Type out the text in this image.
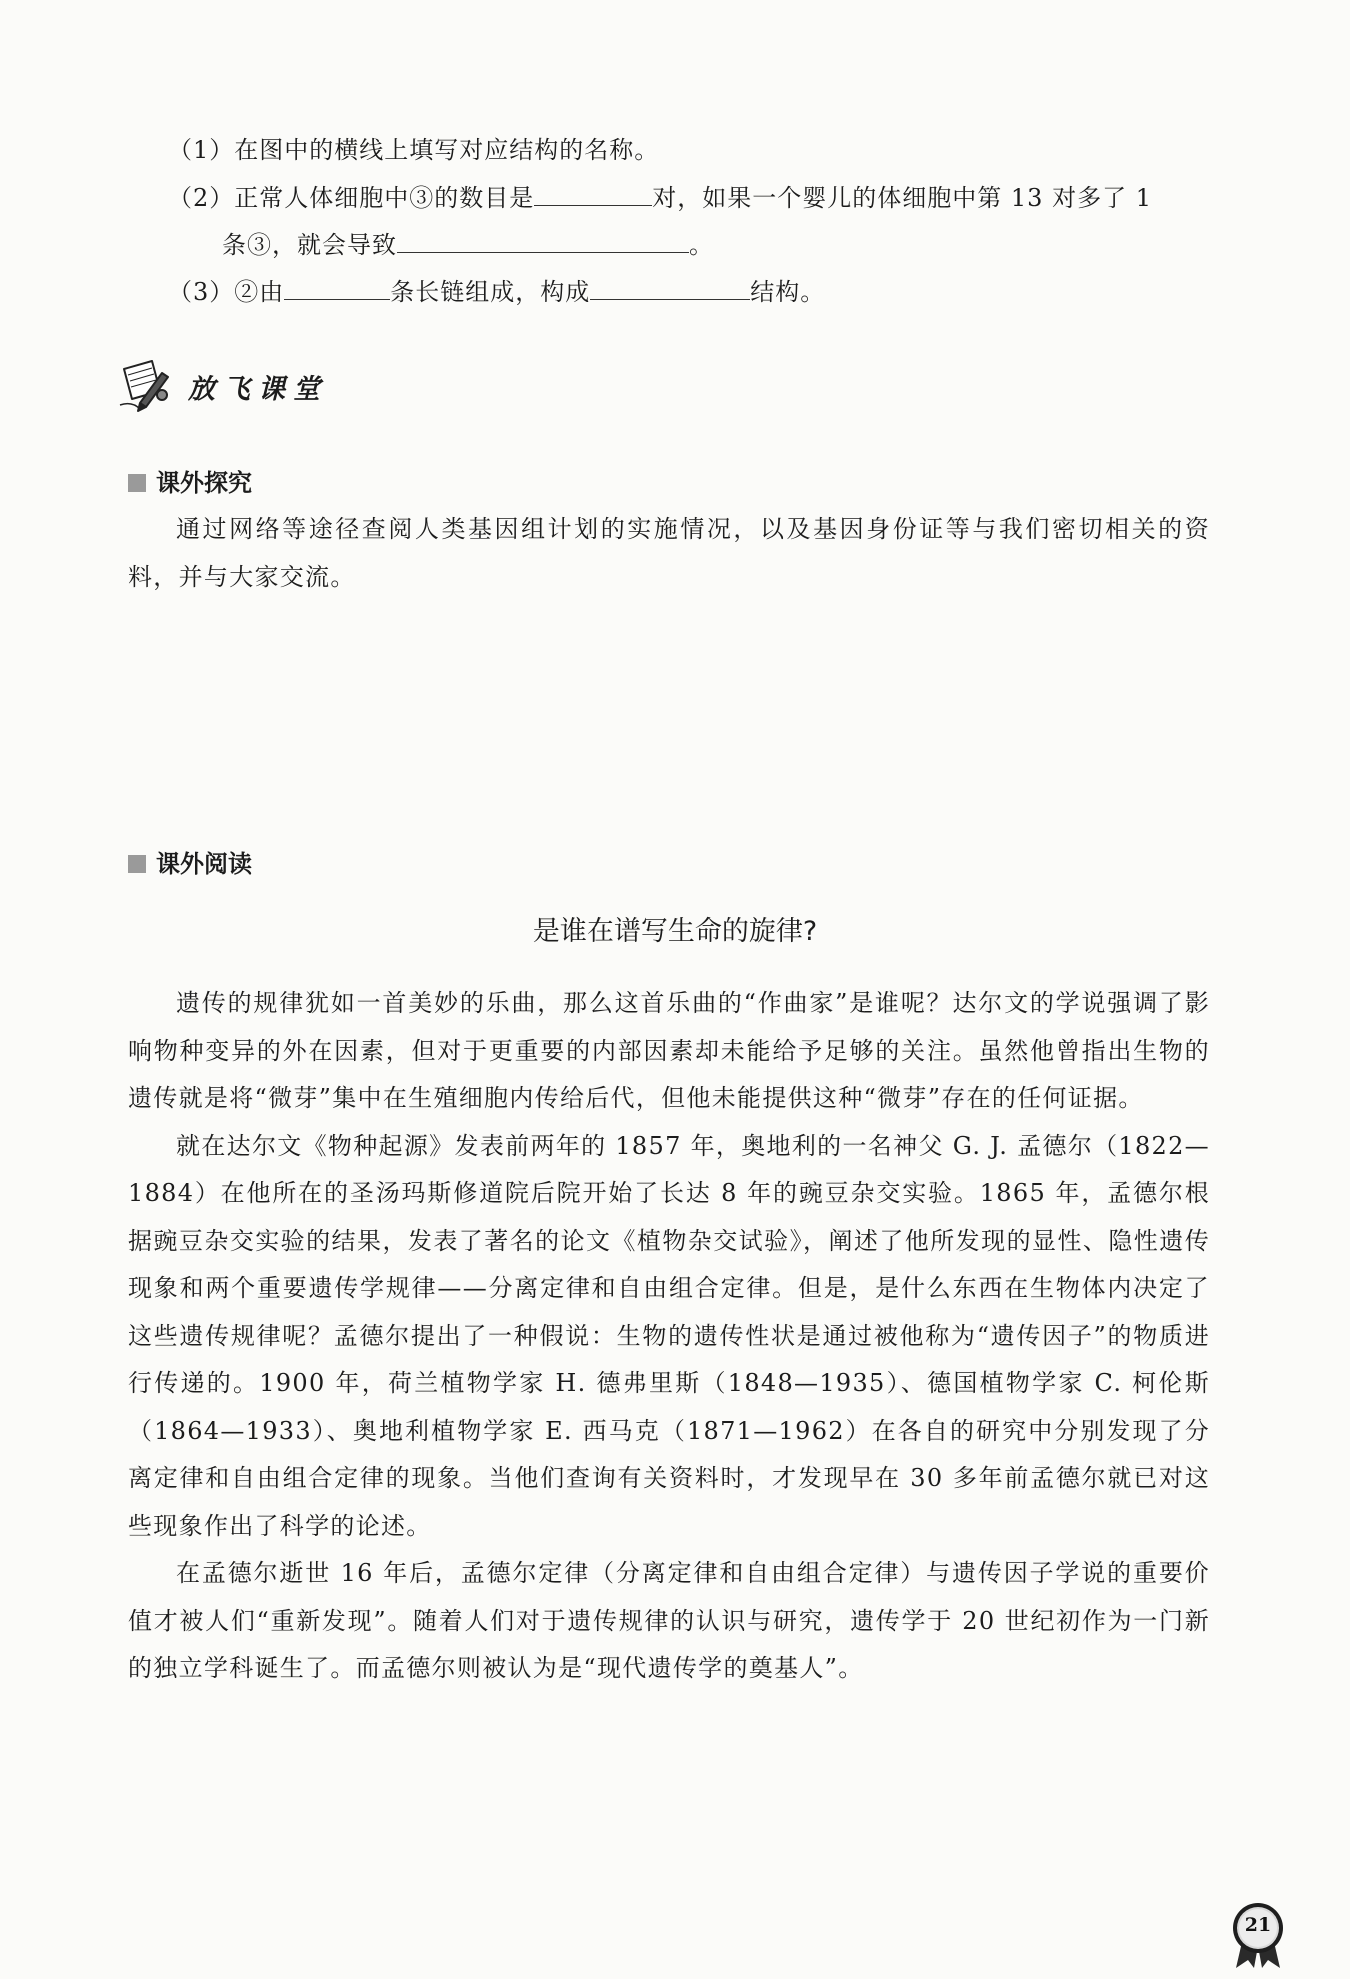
（1）在图中的横线上填写对应结构的名称。
（2）正常人体细胞中③的数目是	对，如果一个婴儿的体细胞中第 13 对多了 1
条③，就会导致	。
（3）②由	条长链组成，构成	结构。
放飞课堂
课外探究

通过网络等途径查阅人类基因组计划的实施情况，以及基因身份证等与我们密切相关的资料，并与大家交流。

课外阅读
是谁在谱写生命的旋律?

遗传的规律犹如一首美妙的乐曲，那么这首乐曲的“作曲家”是谁呢？达尔文的学说强调了影响物种变异的外在因素，但对于更重要的内部因素却未能给予足够的关注。虽然他曾指出生物的遗传就是将“微芽”集中在生殖细胞内传给后代，但他未能提供这种“微芽”存在的任何证据。

就在达尔文《物种起源》发表前两年的 1857 年，奥地利的一名神父 G. J. 孟德尔（1822—1884）在他所在的圣汤玛斯修道院后院开始了长达 8 年的豌豆杂交实验。1865 年，孟德尔根据豌豆杂交实验的结果，发表了著名的论文《植物杂交试验》，阐述了他所发现的显性、隐性遗传现象和两个重要遗传学规律——分离定律和自由组合定律。但是，是什么东西在生物体内决定了这些遗传规律呢？孟德尔提出了一种假说：生物的遗传性状是通过被他称为“遗传因子”的物质进行传递的。1900 年，荷兰植物学家 H. 德弗里斯（1848—1935）、德国植物学家 C. 柯伦斯（1864—1933）、奥地利植物学家 E. 西马克（1871—1962）在各自的研究中分别发现了分离定律和自由组合定律的现象。当他们查询有关资料时，才发现早在 30 多年前孟德尔就已对这些现象作出了科学的论述。

在孟德尔逝世 16 年后，孟德尔定律（分离定律和自由组合定律）与遗传因子学说的重要价值才被人们“重新发现”。随着人们对于遗传规律的认识与研究，遗传学于 20 世纪初作为一门新的独立学科诞生了。而孟德尔则被认为是“现代遗传学的奠基人”。

21
